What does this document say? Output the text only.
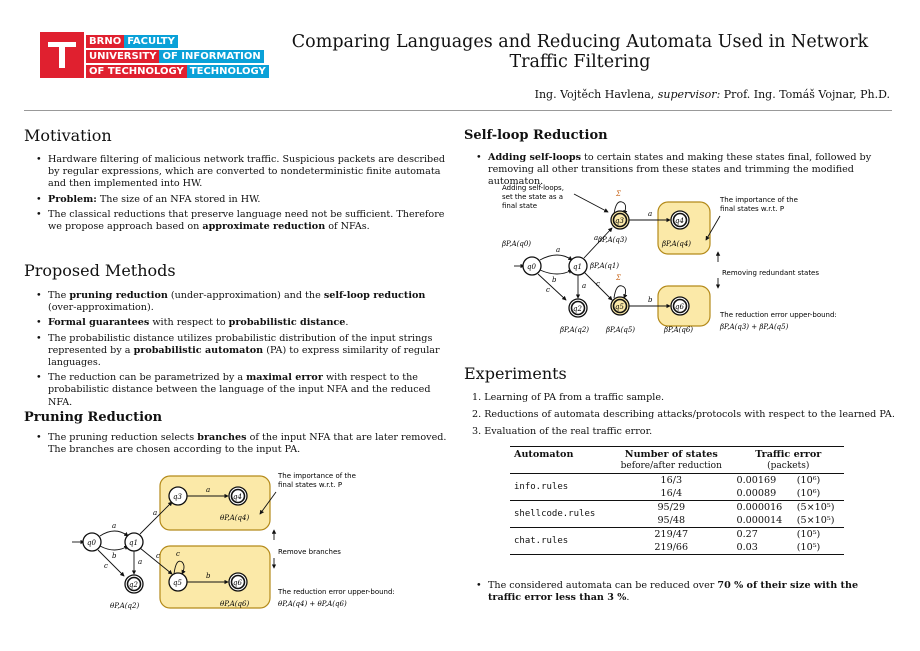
BRNO FACULTY
UNIVERSITY OF INFORMATION
OF TECHNOLOGY TECHNOLOGY
Comparing Languages and Reducing Automata Used in Network Traffic Filtering
Ing. Vojtěch Havlena, supervisor: Prof. Ing. Tomáš Vojnar, Ph.D.
Motivation
• Hardware filtering of malicious network traffic. Suspicious packets are described by regular expressions, which are converted to nondeterministic finite automata and then implemented into HW.
• Problem: The size of an NFA stored in HW.
• The classical reductions that preserve language need not be sufficient. Therefore we propose approach based on approximate reduction of NFAs.
Proposed Methods
• The pruning reduction (under-approximation) and the self-loop reduction (over-approximation).
• Formal guarantees with respect to probabilistic distance.
• The probabilistic distance utilizes probabilistic distribution of the input strings represented by a probabilistic automaton (PA) to express similarity of regular languages.
• The reduction can be parametrized by a maximal error with respect to the probabilistic distance between the language of the input NFA and the reduced NFA.
Pruning Reduction
• The pruning reduction selects branches of the input NFA that are later removed. The branches are chosen according to the input PA.
q0	q1
q2
q3	q4
q5	q6
a
b
c	a
a
c c
b
a
θP,A(q4)
θP,A(q2)	θP,A(q6)
The importance of the
final states w.r.t. P
Remove branches
The reduction error upper-bound:
θP,A(q4) + θP,A(q6)
Self-loop Reduction
• Adding self-loops to certain states and making these states final, followed by removing all other transitions from these states and trimming the modified automaton.
Adding self-loops,
set the state as a
final state
q0	q1
q2
q3	q4
q5	q6
Σ
Σ
a
b
c	a
a
c
a
b
βP,A(q0)
βP,A(q1)
βP,A(q3)	βP,A(q4)
βP,A(q2) βP,A(q5)	βP,A(q6)
The importance of the
final states w.r.t. P
Removing redundant states
The reduction error upper-bound:
βP,A(q3) + βP,A(q5)
Experiments
1. Learning of PA from a traffic sample.
2. Reductions of automata describing attacks/protocols with respect to the learned PA.
3. Evaluation of the real traffic error.
Automaton	Number of states
before/after reduction	Traffic error
(packets)	
info.rules	16/3	0.00169	(10⁶)
	16/4	0.00089	(10⁶)
shellcode.rules	95/29	0.000016	(5×10⁵)
	95/48	0.000014	(5×10⁵)
chat.rules	219/47	0.27	(10⁵)
	219/66	0.03	(10⁵)
• The considered automata can be reduced over 70 % of their size with the traffic error less than 3 %.
